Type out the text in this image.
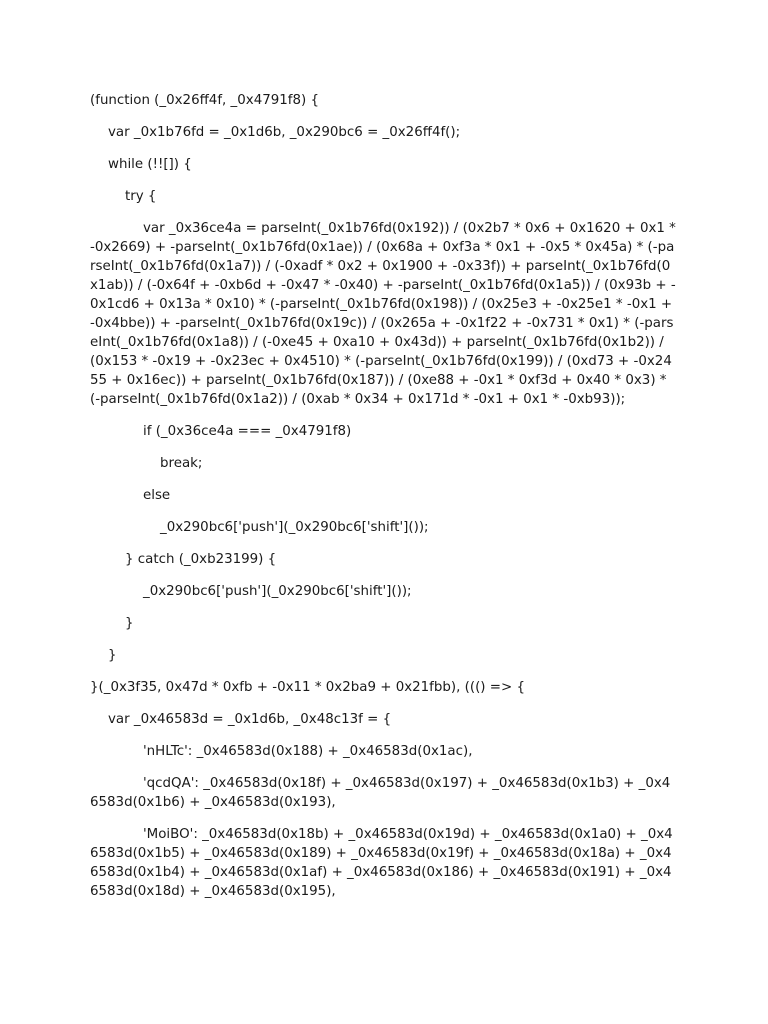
(function (_0x26ff4f, _0x4791f8) {
var _0x1b76fd = _0x1d6b, _0x290bc6 = _0x26ff4f();
while (!![]) {
try {
var _0x36ce4a = parseInt(_0x1b76fd(0x192)) / (0x2b7 * 0x6 + 0x1620 + 0x1 * -0x2669) + -parseInt(_0x1b76fd(0x1ae)) / (0x68a + 0xf3a * 0x1 + -0x5 * 0x45a) * (-parseInt(_0x1b76fd(0x1a7)) / (-0xadf * 0x2 + 0x1900 + -0x33f)) + parseInt(_0x1b76fd(0x1ab)) / (-0x64f + -0xb6d + -0x47 * -0x40) + -parseInt(_0x1b76fd(0x1a5)) / (0x93b + -0x1cd6 + 0x13a * 0x10) * (-parseInt(_0x1b76fd(0x198)) / (0x25e3 + -0x25e1 * -0x1 + -0x4bbe)) + -parseInt(_0x1b76fd(0x19c)) / (0x265a + -0x1f22 + -0x731 * 0x1) * (-parseInt(_0x1b76fd(0x1a8)) / (-0xe45 + 0xa10 + 0x43d)) + parseInt(_0x1b76fd(0x1b2)) / (0x153 * -0x19 + -0x23ec + 0x4510) * (-parseInt(_0x1b76fd(0x199)) / (0xd73 + -0x2455 + 0x16ec)) + parseInt(_0x1b76fd(0x187)) / (0xe88 + -0x1 * 0xf3d + 0x40 * 0x3) * (-parseInt(_0x1b76fd(0x1a2)) / (0xab * 0x34 + 0x171d * -0x1 + 0x1 * -0xb93));
if (_0x36ce4a === _0x4791f8)
break;
else
_0x290bc6['push'](_0x290bc6['shift']());
} catch (_0xb23199) {
_0x290bc6['push'](_0x290bc6['shift']());
}
}
}(_0x3f35, 0x47d * 0xfb + -0x11 * 0x2ba9 + 0x21fbb), ((() => {
var _0x46583d = _0x1d6b, _0x48c13f = {
'nHLTc': _0x46583d(0x188) + _0x46583d(0x1ac),
'qcdQA': _0x46583d(0x18f) + _0x46583d(0x197) + _0x46583d(0x1b3) + _0x46583d(0x1b6) + _0x46583d(0x193),
'MoiBO': _0x46583d(0x18b) + _0x46583d(0x19d) + _0x46583d(0x1a0) + _0x46583d(0x1b5) + _0x46583d(0x189) + _0x46583d(0x19f) + _0x46583d(0x18a) + _0x46583d(0x1b4) + _0x46583d(0x1af) + _0x46583d(0x186) + _0x46583d(0x191) + _0x46583d(0x18d) + _0x46583d(0x195),
